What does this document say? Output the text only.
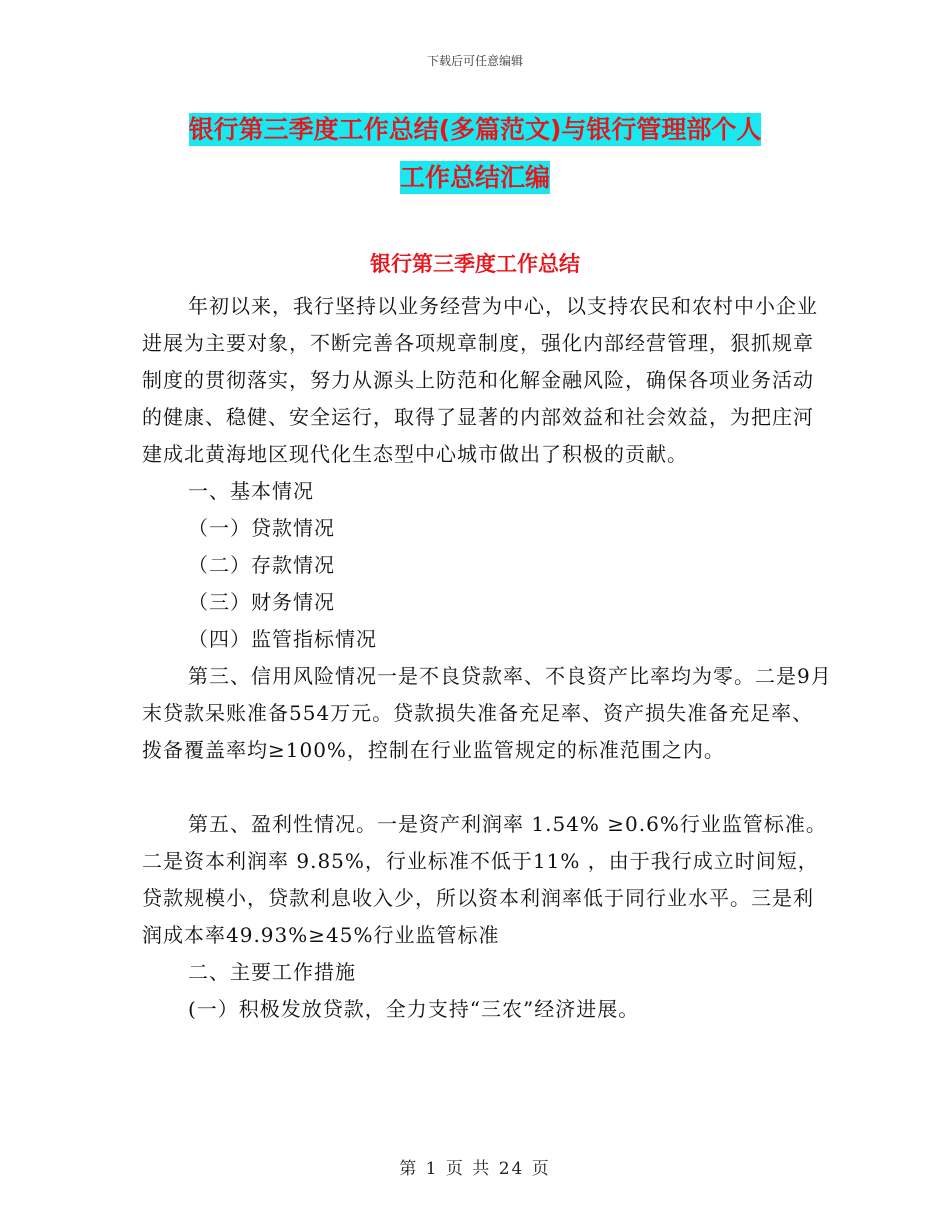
下载后可任意编辑
银行第三季度工作总结(多篇范文)与银行管理部个人
工作总结汇编
银行第三季度工作总结

年初以来，我行坚持以业务经营为中心，以支持农民和农村中小企业进展为主要对象，不断完善各项规章制度，强化内部经营管理，狠抓规章制度的贯彻落实，努力从源头上防范和化解金融风险，确保各项业务活动的健康、稳健、安全运行，取得了显著的内部效益和社会效益，为把庄河建成北黄海地区现代化生态型中心城市做出了积极的贡献。

一、基本情况

（一）贷款情况

（二）存款情况

（三）财务情况

（四）监管指标情况

第三、信用风险情况一是不良贷款率、不良资产比率均为零。二是9月末贷款呆账准备554万元。贷款损失准备充足率、资产损失准备充足率、拨备覆盖率均≥100%，控制在行业监管规定的标准范围之内。

第五、盈利性情况。一是资产利润率 1.54% ≥0.6%行业监管标准。二是资本利润率 9.85%，行业标准不低于11% ，由于我行成立时间短，贷款规模小，贷款利息收入少，所以资本利润率低于同行业水平。三是利润成本率49.93%≥45%行业监管标准

二、主要工作措施

(一）积极发放贷款，全力支持“三农”经济进展。

第 1 页 共 24 页
